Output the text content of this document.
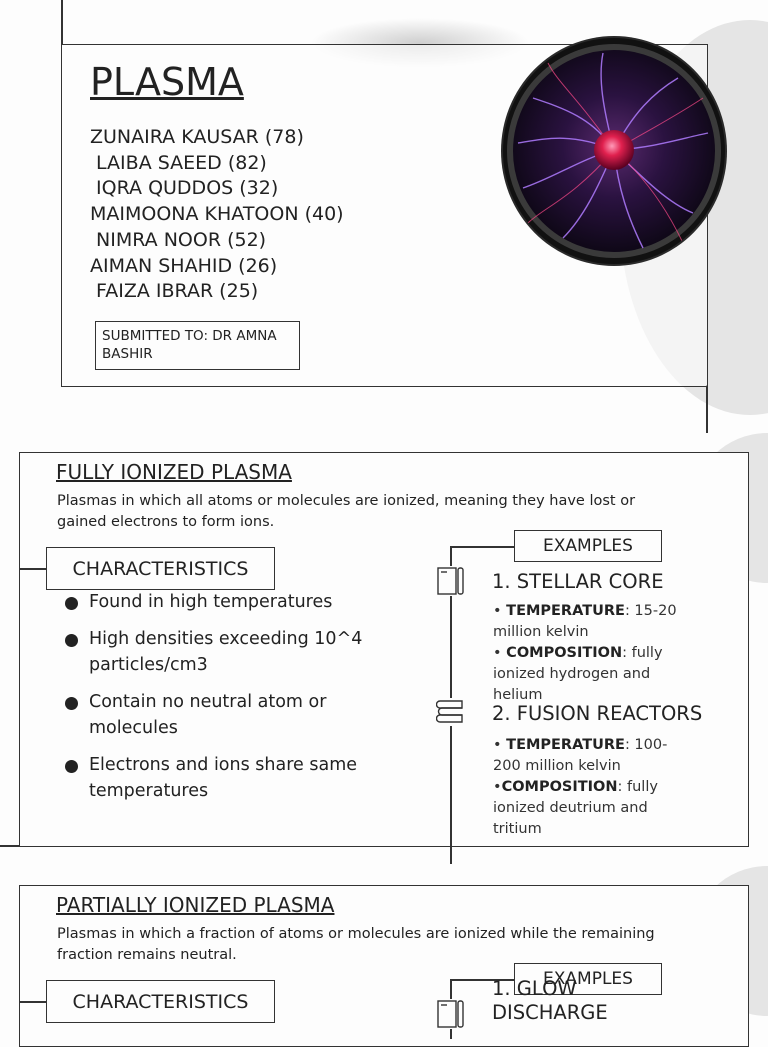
PLASMA
ZUNAIRA KAUSAR (78)
LAIBA SAEED (82)
IQRA QUDDOS (32)
MAIMOONA KHATOON (40)
NIMRA NOOR (52)
AIMAN SHAHID (26)
FAIZA IBRAR (25)
SUBMITTED TO: DR AMNA BASHIR
FULLY IONIZED PLASMA
Plasmas in which all atoms or molecules are ionized, meaning they have lost or gained electrons to form ions.
CHARACTERISTICS
Found in high temperatures
High densities exceeding 10^4 particles/cm3
Contain no neutral atom or molecules
Electrons and ions share same temperatures
EXAMPLES
1. STELLAR CORE
• TEMPERATURE: 15-20 million kelvin
• COMPOSITION: fully ionized hydrogen and helium
2. FUSION REACTORS
• TEMPERATURE: 100-200 million kelvin
•COMPOSITION: fully ionized deutrium and tritium
PARTIALLY IONIZED PLASMA
Plasmas in which a fraction of atoms or molecules are ionized while the remaining fraction remains neutral.
CHARACTERISTICS
EXAMPLES
1. GLOW DISCHARGE
